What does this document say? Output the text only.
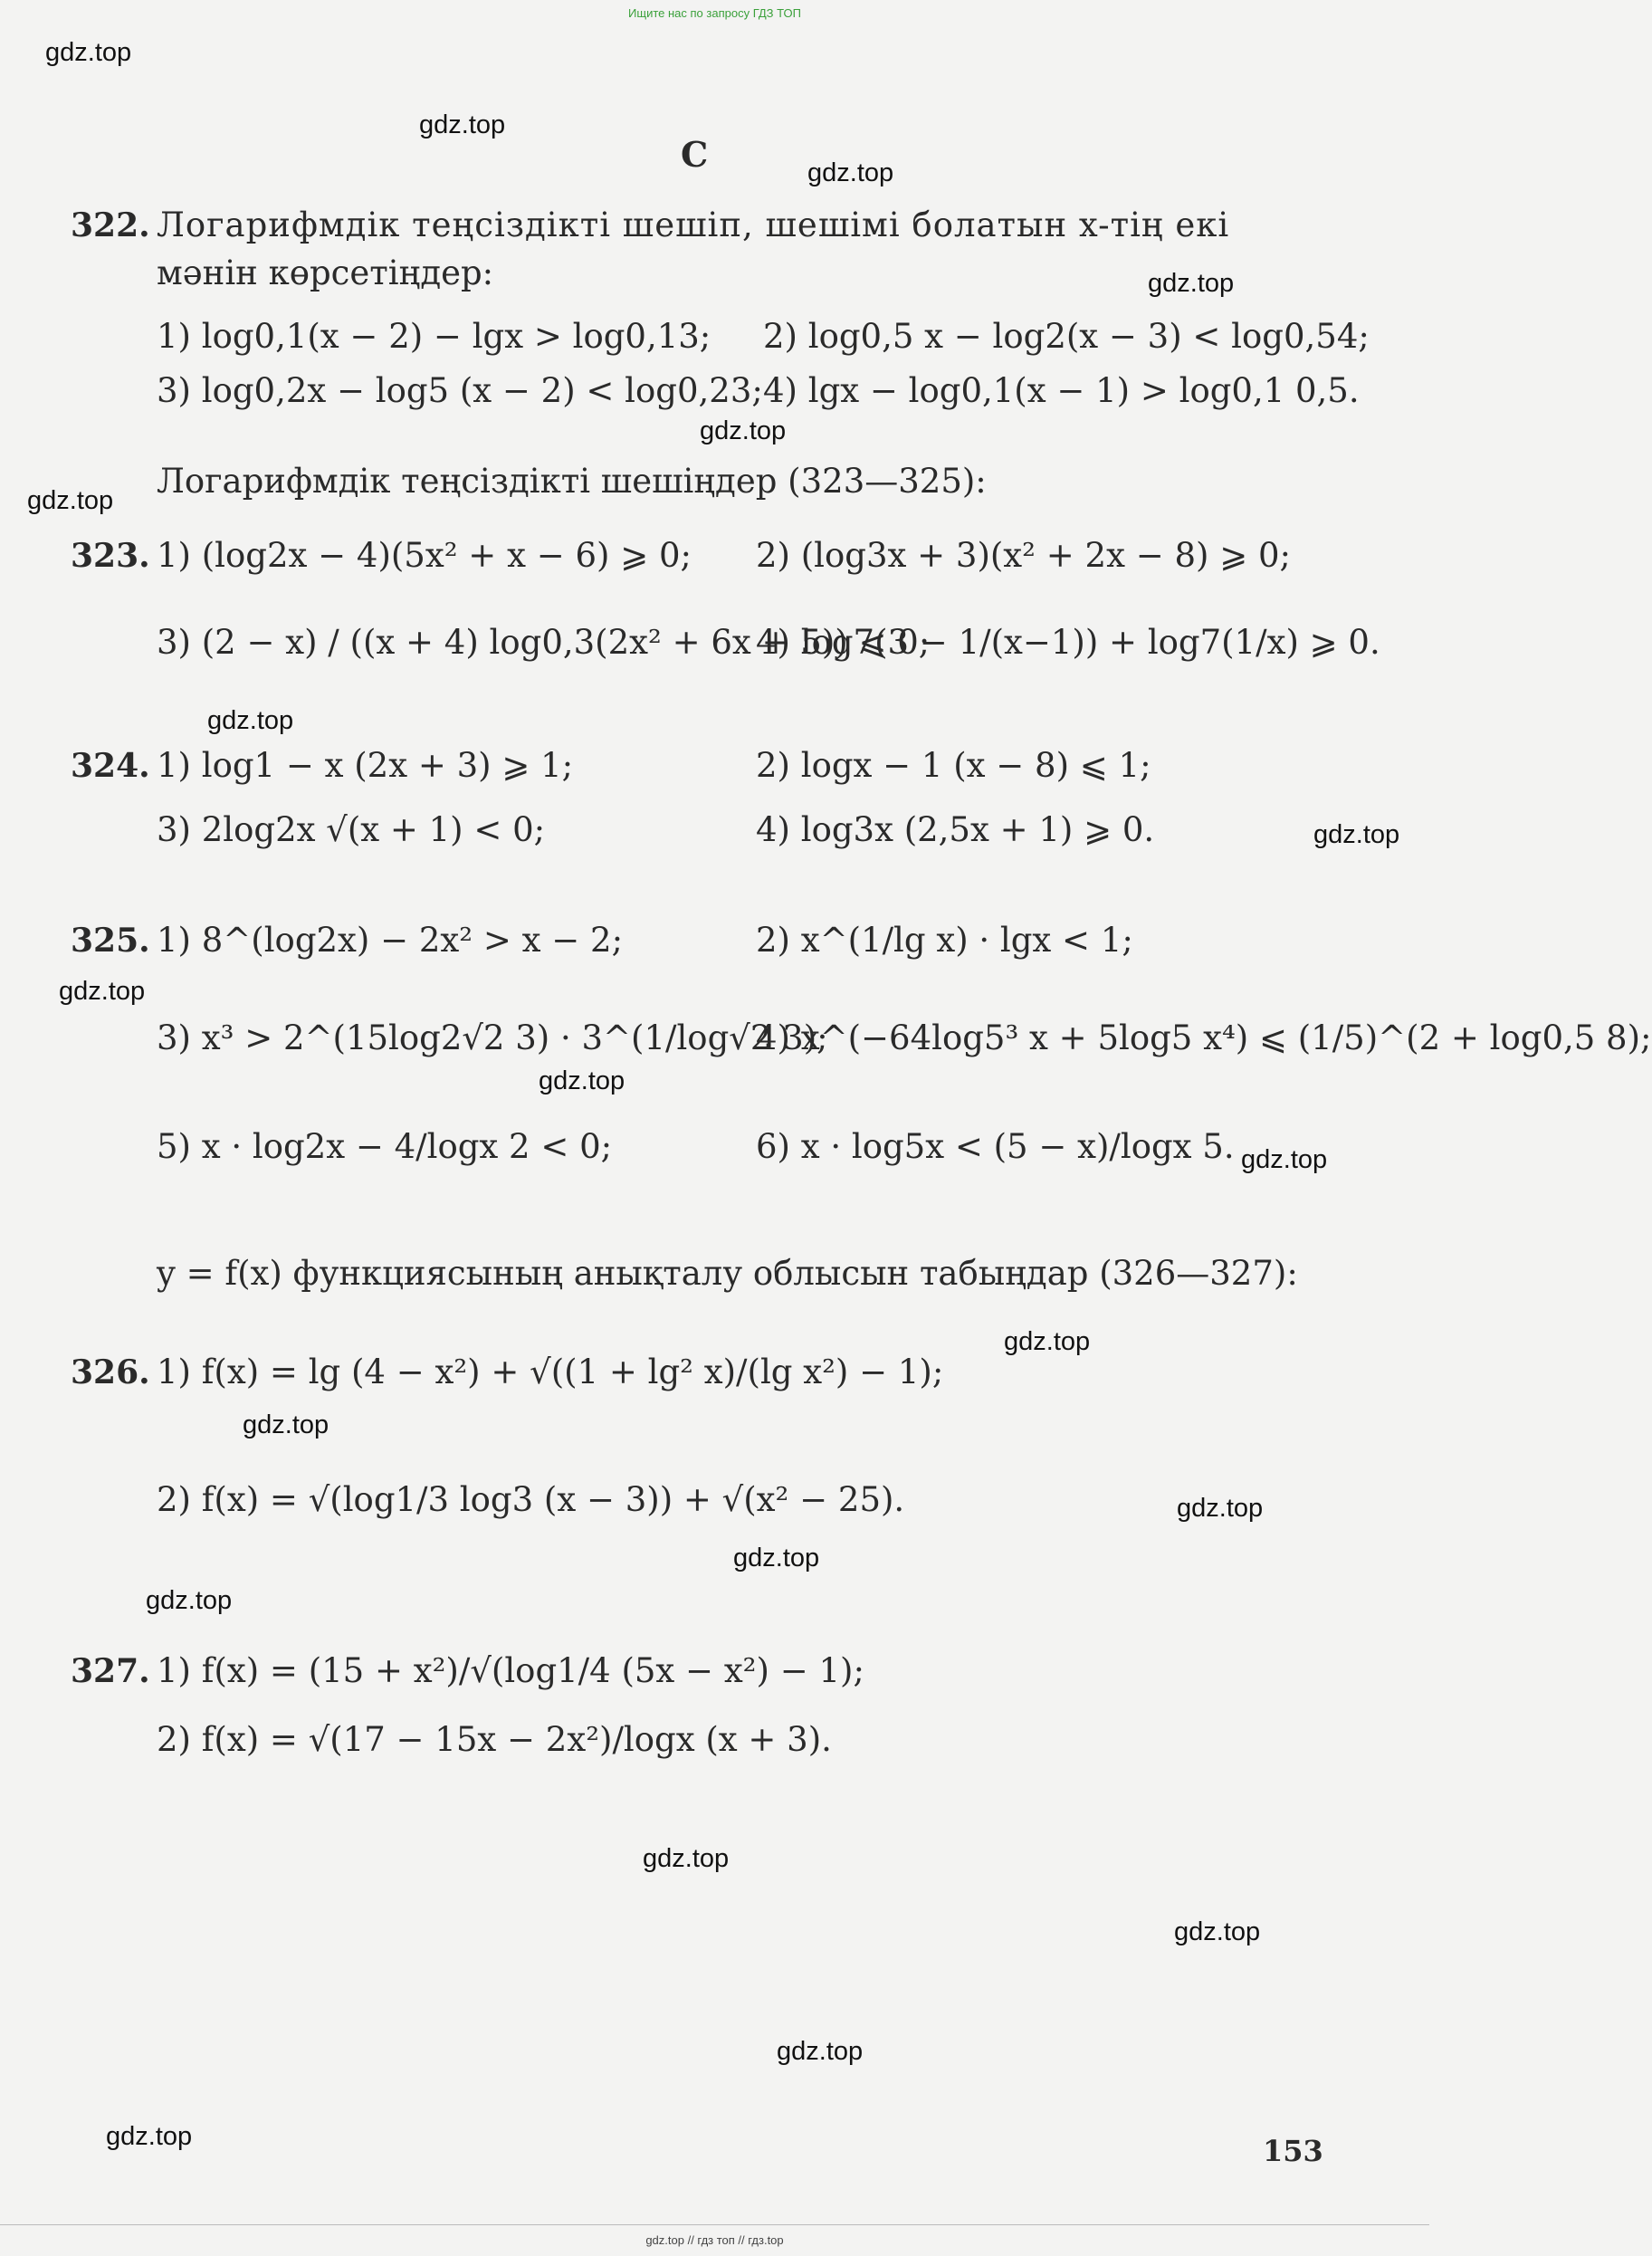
Ищите нас по запросу ГДЗ ТОП
gdz.top
gdz.top
gdz.top
gdz.top
gdz.top
gdz.top
gdz.top
gdz.top
gdz.top
gdz.top
gdz.top
gdz.top
gdz.top
gdz.top
gdz.top
gdz.top
gdz.top
gdz.top
gdz.top
gdz.top
С
322. Логарифмдік теңсіздікті шешіп, шешімі болатын x-тің екі
мәнін көрсетіңдер:
1) log0,1(x − 2) − lgx > log0,13; 2) log0,5 x − log2(x − 3) < log0,54;
3) log0,2x − log5 (x − 2) < log0,23; 4) lgx − log0,1(x − 1) > log0,1 0,5.
Логарифмдік теңсіздікті шешіңдер (323—325):
323. 1) (log2x − 4)(5x² + x − 6) ⩾ 0; 2) (log3x + 3)(x² + 2x − 8) ⩾ 0;
3) (2 − x) / ((x + 4) log0,3(2x² + 6x + 5)) ⩽ 0;
4) log7(3 − 1/(x−1)) + log7(1/x) ⩾ 0.
324. 1) log1 − x (2x + 3) ⩾ 1;	2) logx − 1 (x − 8) ⩽ 1;
3) 2log2x √(x + 1) < 0;	4) log3x (2,5x + 1) ⩾ 0.
325. 1) 8^(log2x) − 2x² > x − 2;	2) x^(1/lg x) · lgx < 1;
3) x³ > 2^(15log2√2 3) · 3^(1/log√2 3);
4) x^(−64log5³ x + 5log5 x⁴) ⩽ (1/5)^(2 + log0,5 8);
5) x · log2x − 4/logx 2 < 0;	6) x · log5x < (5 − x)/logx 5.
y = f(x) функциясының анықталу облысын табыңдар (326—327):
326. 1) f(x) = lg (4 − x²) + √((1 + lg² x)/(lg x²) − 1);
2) f(x) = √(log1/3 log3 (x − 3)) + √(x² − 25).
327. 1) f(x) = (15 + x²)/√(log1/4 (5x − x²) − 1);
2) f(x) = √(17 − 15x − 2x²)/logx (x + 3).
153
gdz.top // гдз топ // гдз.top
